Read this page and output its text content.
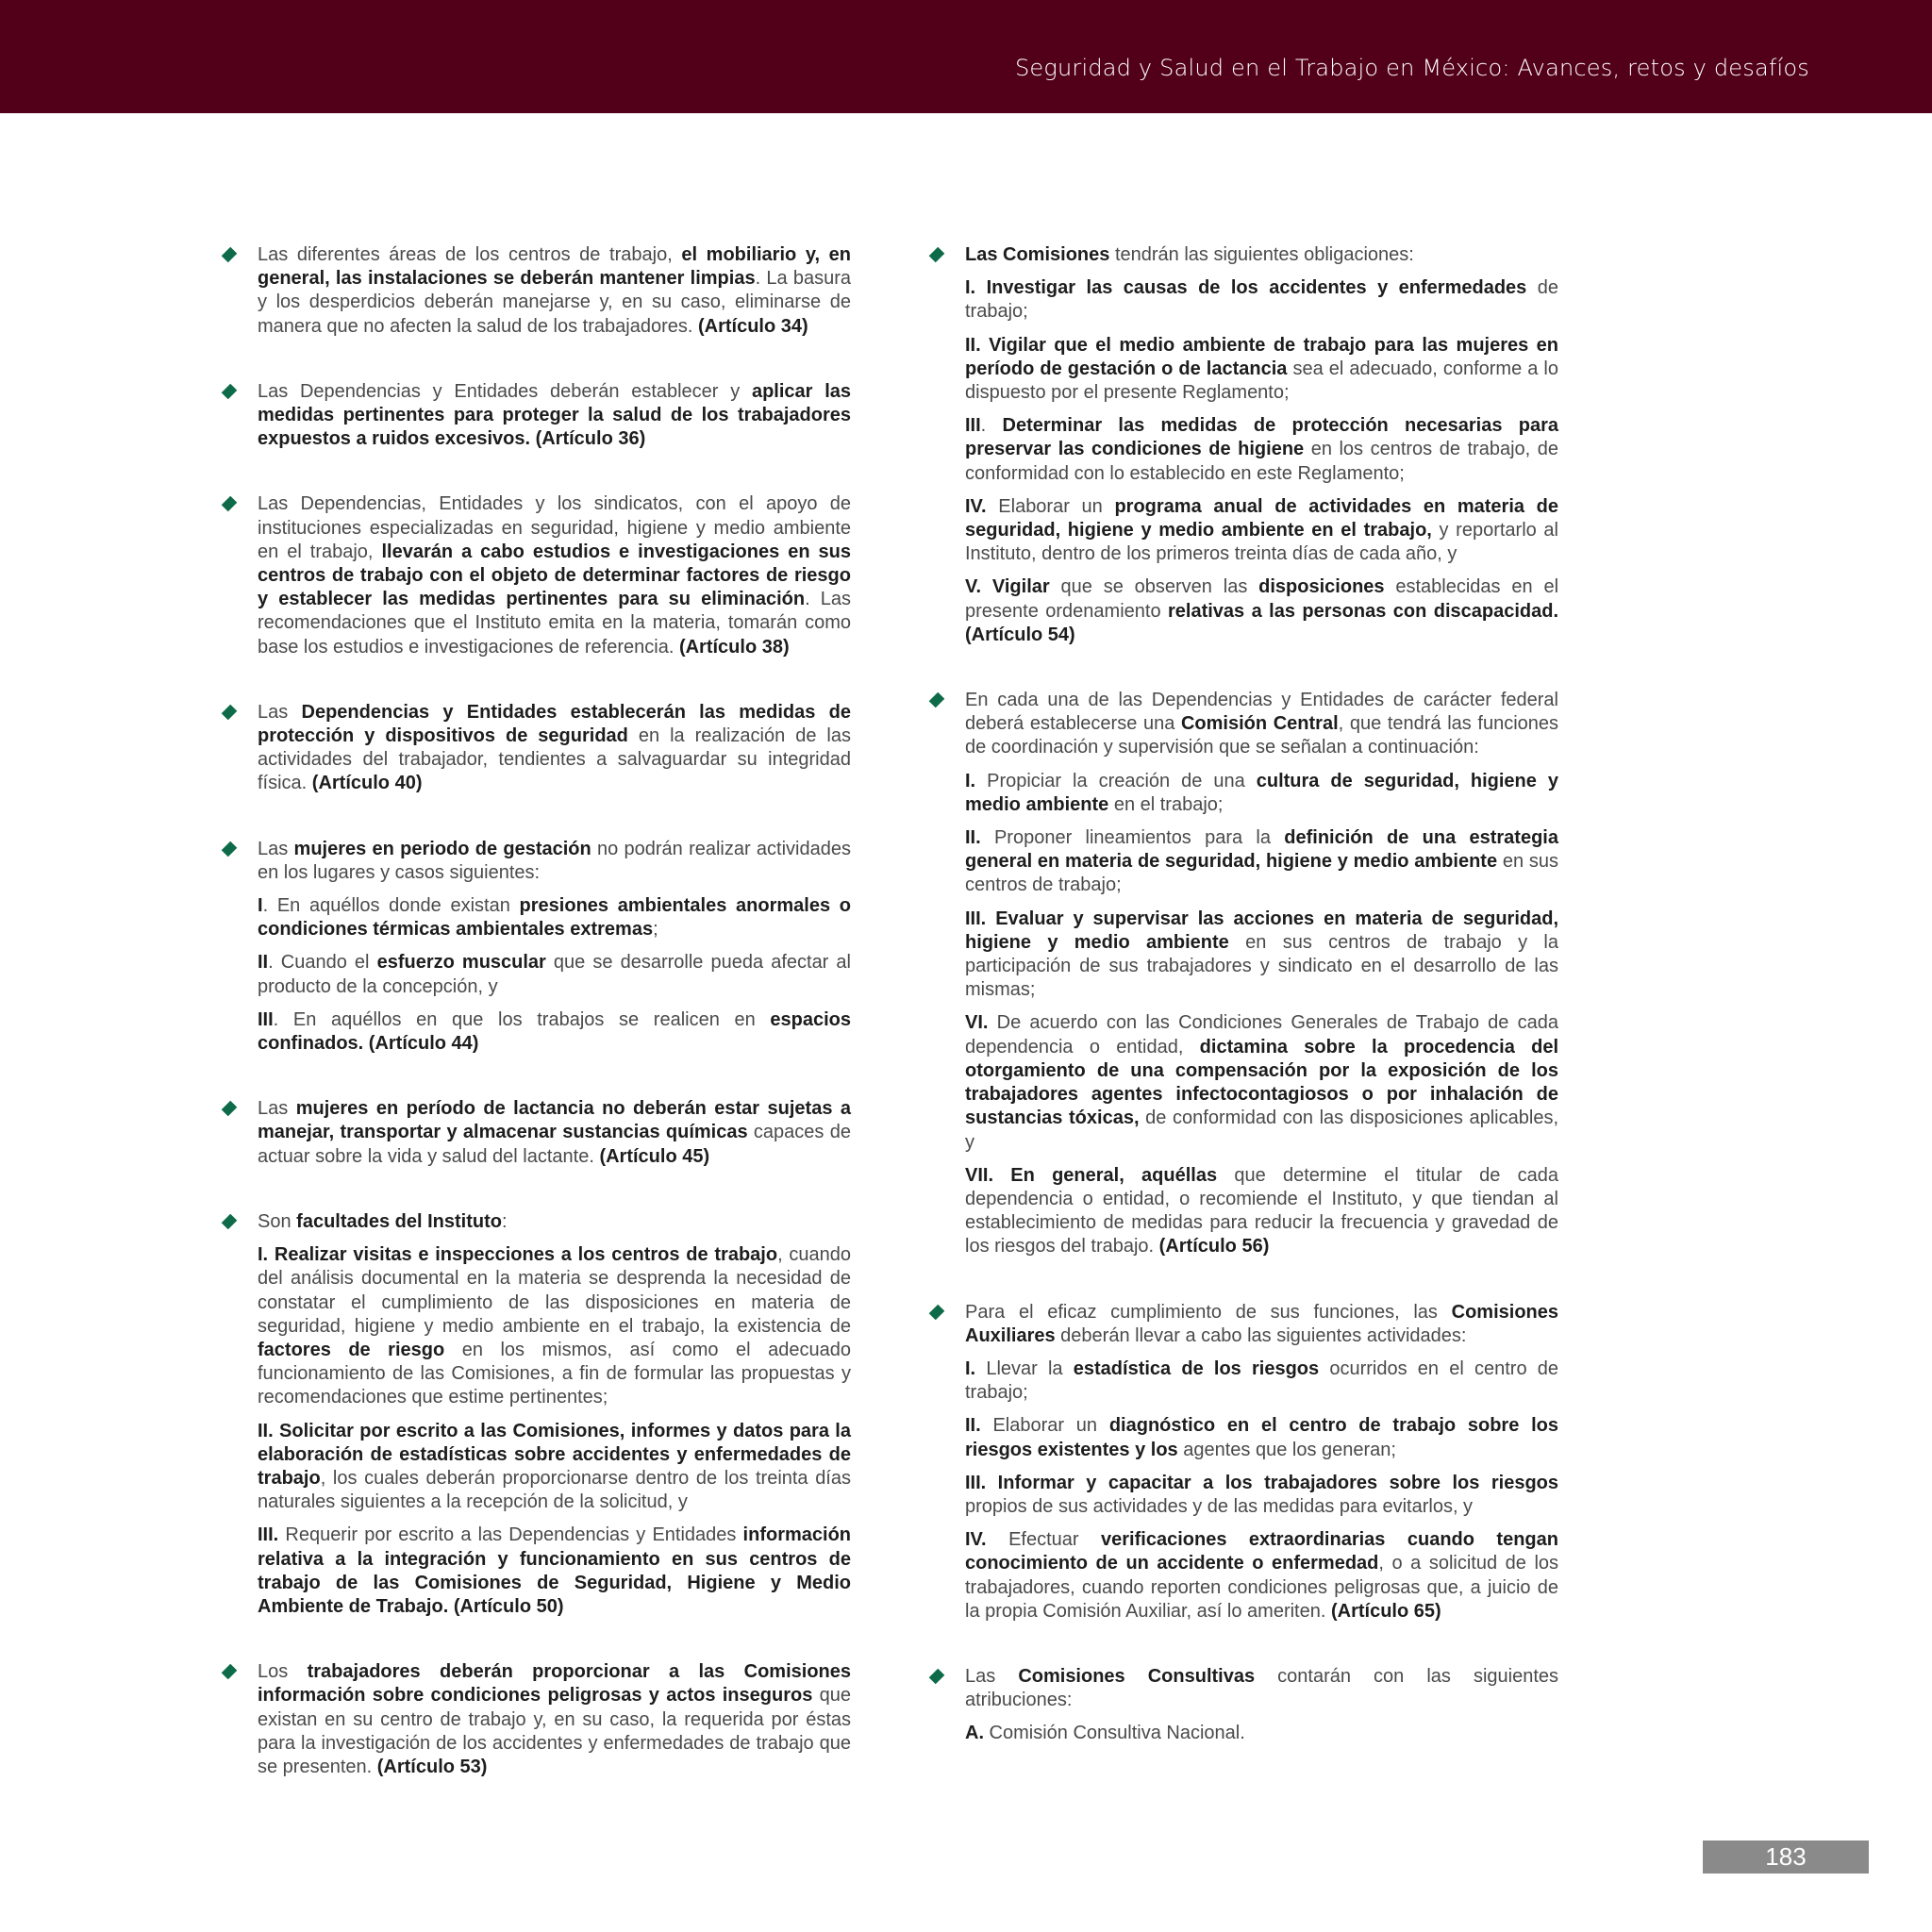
Seguridad y Salud en el Trabajo en México: Avances, retos y desafíos

Las diferentes áreas de los centros de trabajo, el mobiliario y, en general, las instalaciones se deberán mantener limpias. La basura y los desperdicios deberán manejarse y, en su caso, eliminarse de manera que no afecten la salud de los trabajadores. (Artículo 34)

Las Dependencias y Entidades deberán establecer y aplicar las medidas pertinentes para proteger la salud de los trabajadores expuestos a ruidos excesivos. (Artículo 36)

Las Dependencias, Entidades y los sindicatos, con el apoyo de instituciones especializadas en seguridad, higiene y medio ambiente en el trabajo, llevarán a cabo estudios e investigaciones en sus centros de trabajo con el objeto de determinar factores de riesgo y establecer las medidas pertinentes para su eliminación. Las recomendaciones que el Instituto emita en la materia, tomarán como base los estudios e investigaciones de referencia. (Artículo 38)

Las Dependencias y Entidades establecerán las medidas de protección y dispositivos de seguridad en la realización de las actividades del trabajador, tendientes a salvaguardar su integridad física. (Artículo 40)

Las mujeres en periodo de gestación no podrán realizar actividades en los lugares y casos siguientes:

I. En aquéllos donde existan presiones ambientales anormales o condiciones térmicas ambientales extremas;

II. Cuando el esfuerzo muscular que se desarrolle pueda afectar al producto de la concepción, y

III. En aquéllos en que los trabajos se realicen en espacios confinados. (Artículo 44)

Las mujeres en período de lactancia no deberán estar sujetas a manejar, transportar y almacenar sustancias químicas capaces de actuar sobre la vida y salud del lactante. (Artículo 45)

Son facultades del Instituto:

I. Realizar visitas e inspecciones a los centros de trabajo, cuando del análisis documental en la materia se desprenda la necesidad de constatar el cumplimiento de las disposiciones en materia de seguridad, higiene y medio ambiente en el trabajo, la existencia de factores de riesgo en los mismos, así como el adecuado funcionamiento de las Comisiones, a fin de formular las propuestas y recomendaciones que estime pertinentes;

II. Solicitar por escrito a las Comisiones, informes y datos para la elaboración de estadísticas sobre accidentes y enfermedades de trabajo, los cuales deberán proporcionarse dentro de los treinta días naturales siguientes a la recepción de la solicitud, y

III. Requerir por escrito a las Dependencias y Entidades información relativa a la integración y funcionamiento en sus centros de trabajo de las Comisiones de Seguridad, Higiene y Medio Ambiente de Trabajo. (Artículo 50)

Los trabajadores deberán proporcionar a las Comisiones información sobre condiciones peligrosas y actos inseguros que existan en su centro de trabajo y, en su caso, la requerida por éstas para la investigación de los accidentes y enfermedades de trabajo que se presenten. (Artículo 53)

Las Comisiones tendrán las siguientes obligaciones:

I. Investigar las causas de los accidentes y enfermedades de trabajo;

II. Vigilar que el medio ambiente de trabajo para las mujeres en período de gestación o de lactancia sea el adecuado, conforme a lo dispuesto por el presente Reglamento;

III. Determinar las medidas de protección necesarias para preservar las condiciones de higiene en los centros de trabajo, de conformidad con lo establecido en este Reglamento;

IV. Elaborar un programa anual de actividades en materia de seguridad, higiene y medio ambiente en el trabajo, y reportarlo al Instituto, dentro de los primeros treinta días de cada año, y

V. Vigilar que se observen las disposiciones establecidas en el presente ordenamiento relativas a las personas con discapacidad. (Artículo 54)

En cada una de las Dependencias y Entidades de carácter federal deberá establecerse una Comisión Central, que tendrá las funciones de coordinación y supervisión que se señalan a continuación:

I. Propiciar la creación de una cultura de seguridad, higiene y medio ambiente en el trabajo;

II. Proponer lineamientos para la definición de una estrategia general en materia de seguridad, higiene y medio ambiente en sus centros de trabajo;

III. Evaluar y supervisar las acciones en materia de seguridad, higiene y medio ambiente en sus centros de trabajo y la participación de sus trabajadores y sindicato en el desarrollo de las mismas;

VI. De acuerdo con las Condiciones Generales de Trabajo de cada dependencia o entidad, dictamina sobre la procedencia del otorgamiento de una compensación por la exposición de los trabajadores agentes infectocontagiosos o por inhalación de sustancias tóxicas, de conformidad con las disposiciones aplicables, y

VII. En general, aquéllas que determine el titular de cada dependencia o entidad, o recomiende el Instituto, y que tiendan al establecimiento de medidas para reducir la frecuencia y gravedad de los riesgos del trabajo. (Artículo 56)

Para el eficaz cumplimiento de sus funciones, las Comisiones Auxiliares deberán llevar a cabo las siguientes actividades:

I. Llevar la estadística de los riesgos ocurridos en el centro de trabajo;

II. Elaborar un diagnóstico en el centro de trabajo sobre los riesgos existentes y los agentes que los generan;

III. Informar y capacitar a los trabajadores sobre los riesgos propios de sus actividades y de las medidas para evitarlos, y

IV. Efectuar verificaciones extraordinarias cuando tengan conocimiento de un accidente o enfermedad, o a solicitud de los trabajadores, cuando reporten condiciones peligrosas que, a juicio de la propia Comisión Auxiliar, así lo ameriten. (Artículo 65)

Las Comisiones Consultivas contarán con las siguientes atribuciones:

A. Comisión Consultiva Nacional.

183
